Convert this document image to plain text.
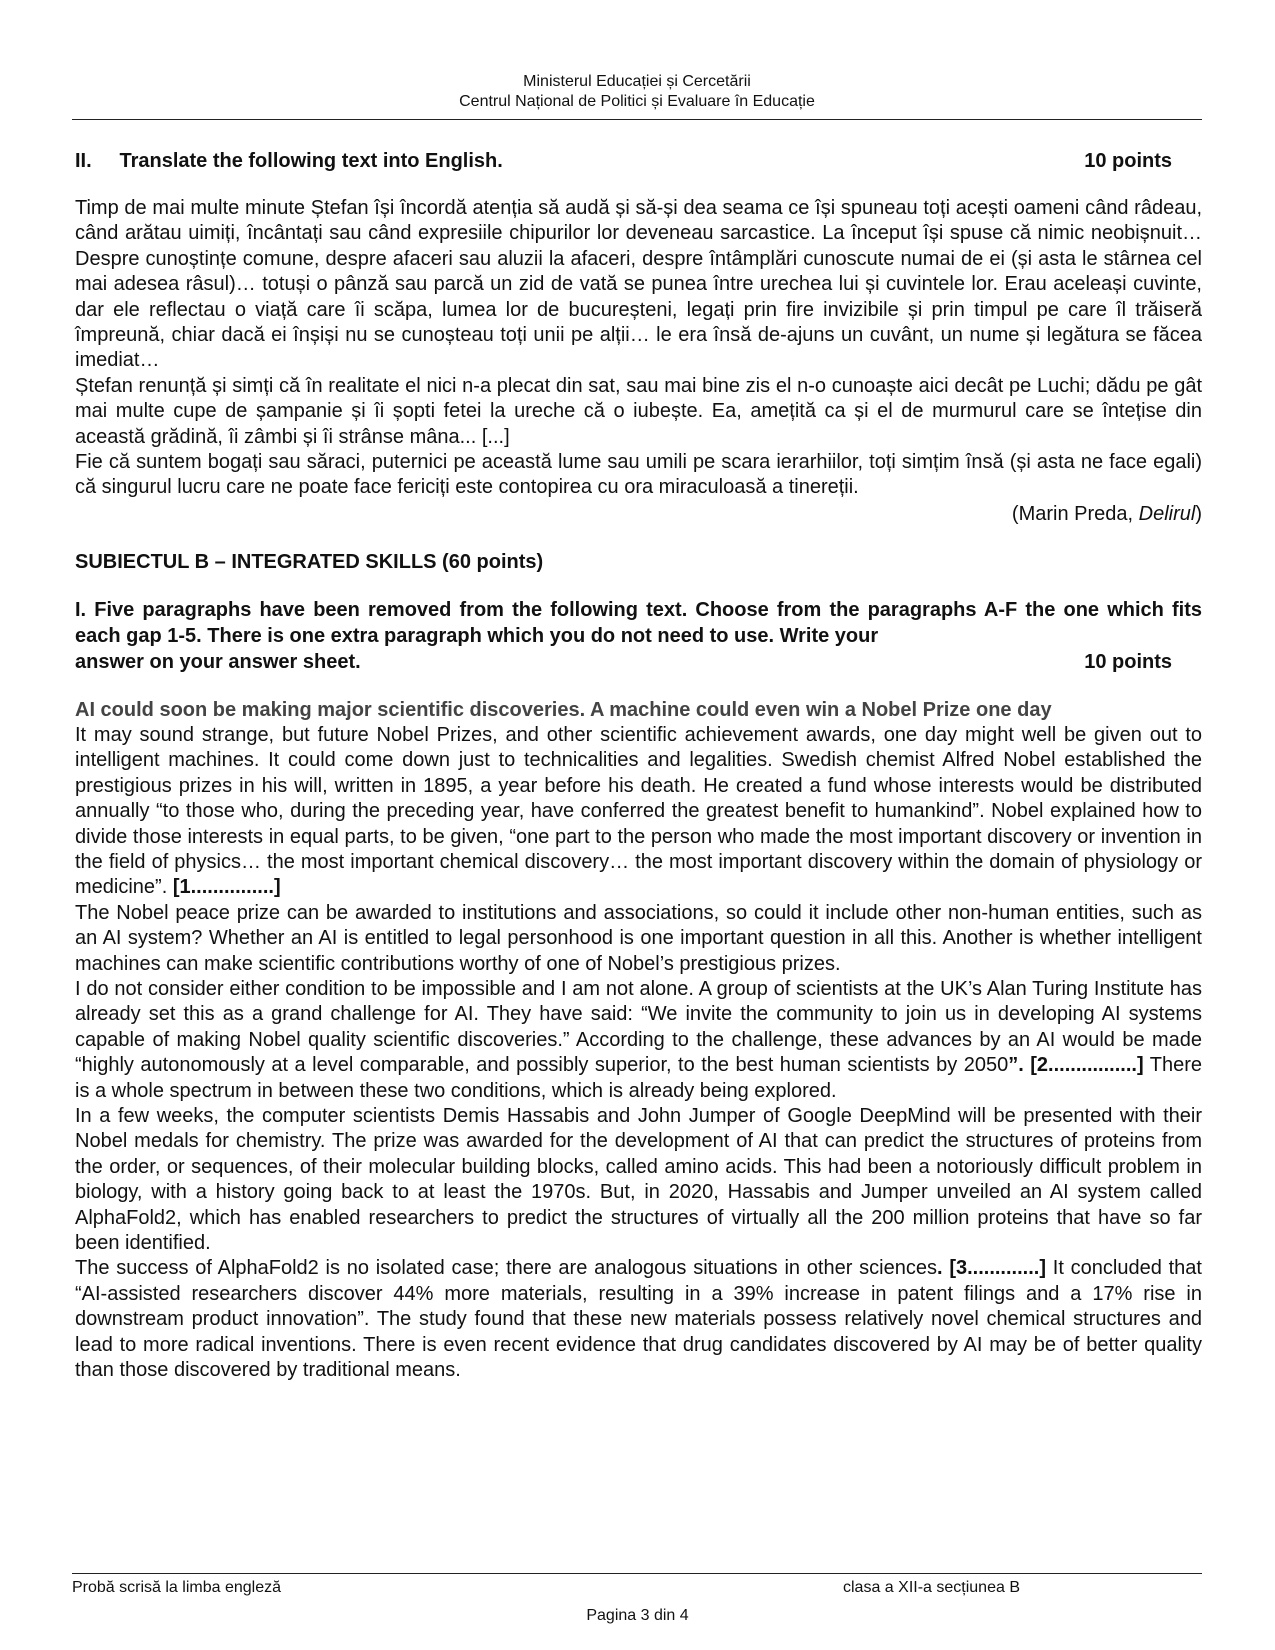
Ministerul Educației și Cercetării
Centrul Național de Politici și Evaluare în Educație
II.     Translate the following text into English.	10 points

Timp de mai multe minute Ștefan își încordă atenția să audă și să-și dea seama ce își spuneau toți acești oameni când râdeau, când arătau uimiți, încântați sau când expresiile chipurilor lor deveneau sarcastice. La început își spuse că nimic neobișnuit… Despre cunoștințe comune, despre afaceri sau aluzii la afaceri, despre întâmplări cunoscute numai de ei (și asta le stârnea cel mai adesea râsul)… totuși o pânză sau parcă un zid de vată se punea între urechea lui și cuvintele lor. Erau aceleași cuvinte, dar ele reflectau o viață care îi scăpa, lumea lor de bucureșteni, legați prin fire invizibile și prin timpul pe care îl trăiseră împreună, chiar dacă ei înșiși nu se cunoșteau toți unii pe alții… le era însă de-ajuns un cuvânt, un nume și legătura se făcea imediat…

Ștefan renunță și simți că în realitate el nici n-a plecat din sat, sau mai bine zis el n-o cunoaște aici decât pe Luchi; dădu pe gât mai multe cupe de șampanie și îi șopti fetei la ureche că o iubește. Ea, amețită ca și el de murmurul care se întețise din această grădină, îi zâmbi și îi strânse mâna... [...]

Fie că suntem bogați sau săraci, puternici pe această lume sau umili pe scara ierarhiilor, toți simțim însă (și asta ne face egali) că singurul lucru care ne poate face fericiți este contopirea cu ora miraculoasă a tinereții.

(Marin Preda, Delirul)
SUBIECTUL B – INTEGRATED SKILLS (60 points)
I. Five paragraphs have been removed from the following text. Choose from the paragraphs A-F the one which fits each gap 1-5. There is one extra paragraph which you do not need to use. Write your
answer on your answer sheet.	10 points
AI could soon be making major scientific discoveries. A machine could even win a Nobel Prize one day

It may sound strange, but future Nobel Prizes, and other scientific achievement awards, one day might well be given out to intelligent machines. It could come down just to technicalities and legalities. Swedish chemist Alfred Nobel established the prestigious prizes in his will, written in 1895, a year before his death. He created a fund whose interests would be distributed annually “to those who, during the preceding year, have conferred the greatest benefit to humankind”. Nobel explained how to divide those interests in equal parts, to be given, “one part to the person who made the most important discovery or invention in the field of physics… the most important chemical discovery… the most important discovery within the domain of physiology or medicine”. [1...............]

The Nobel peace prize can be awarded to institutions and associations, so could it include other non-human entities, such as an AI system? Whether an AI is entitled to legal personhood is one important question in all this. Another is whether intelligent machines can make scientific contributions worthy of one of Nobel’s prestigious prizes.

I do not consider either condition to be impossible and I am not alone. A group of scientists at the UK’s Alan Turing Institute has already set this as a grand challenge for AI. They have said: “We invite the community to join us in developing AI systems capable of making Nobel quality scientific discoveries.” According to the challenge, these advances by an AI would be made “highly autonomously at a level comparable, and possibly superior, to the best human scientists by 2050”. [2................] There is a whole spectrum in between these two conditions, which is already being explored.

In a few weeks, the computer scientists Demis Hassabis and John Jumper of Google DeepMind will be presented with their Nobel medals for chemistry. The prize was awarded for the development of AI that can predict the structures of proteins from the order, or sequences, of their molecular building blocks, called amino acids. This had been a notoriously difficult problem in biology, with a history going back to at least the 1970s. But, in 2020, Hassabis and Jumper unveiled an AI system called AlphaFold2, which has enabled researchers to predict the structures of virtually all the 200 million proteins that have so far been identified.

The success of AlphaFold2 is no isolated case; there are analogous situations in other sciences. [3.............] It concluded that “AI-assisted researchers discover 44% more materials, resulting in a 39% increase in patent filings and a 17% rise in downstream product innovation”. The study found that these new materials possess relatively novel chemical structures and lead to more radical inventions. There is even recent evidence that drug candidates discovered by AI may be of better quality than those discovered by traditional means.

Probă scrisă la limba engleză	clasa a XII-a secțiunea B
Pagina 3 din 4
